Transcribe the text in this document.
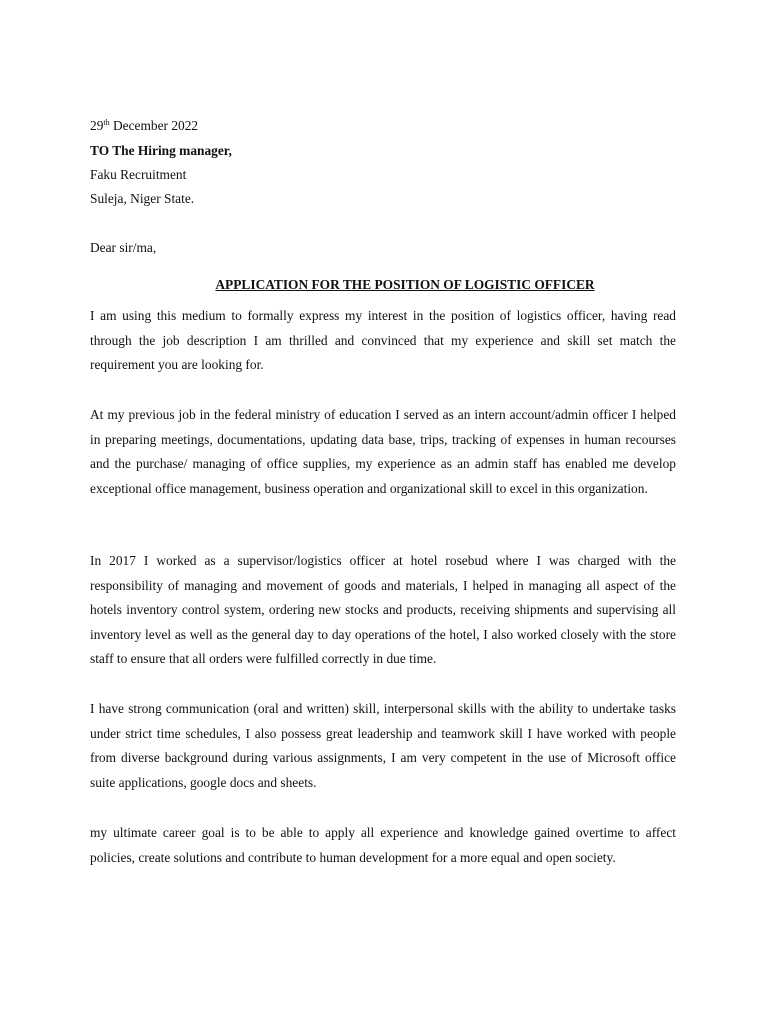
29th December 2022
TO The Hiring manager,
Faku Recruitment
Suleja, Niger State.
Dear sir/ma,
APPLICATION FOR THE POSITION OF LOGISTIC OFFICER

I am using this medium to formally express my interest in the position of logistics officer, having read through the job description I am thrilled and convinced that my experience and skill set match the requirement you are looking for.

At my previous job in the federal ministry of education I served as an intern account/admin officer I helped in preparing meetings, documentations, updating data base, trips, tracking of expenses in human recourses and the purchase/ managing of office supplies, my experience as an admin staff has enabled me develop exceptional office management, business operation and organizational skill to excel in this organization.

In 2017 I worked as a supervisor/logistics officer at hotel rosebud where I was charged with the responsibility of managing and movement of goods and materials, I helped in managing all aspect of the hotels inventory control system, ordering new stocks and products, receiving shipments and supervising all inventory level as well as the general day to day operations of the hotel, I also worked closely with the store staff to ensure that all orders were fulfilled correctly in due time.

I have strong communication (oral and written) skill, interpersonal skills with the ability to undertake tasks under strict time schedules, I also possess great leadership and teamwork skill I have worked with people from diverse background during various assignments, I am very competent in the use of Microsoft office suite applications, google docs and sheets.

my ultimate career goal is to be able to apply all experience and knowledge gained overtime to affect policies, create solutions and contribute to human development for a more equal and open society.
